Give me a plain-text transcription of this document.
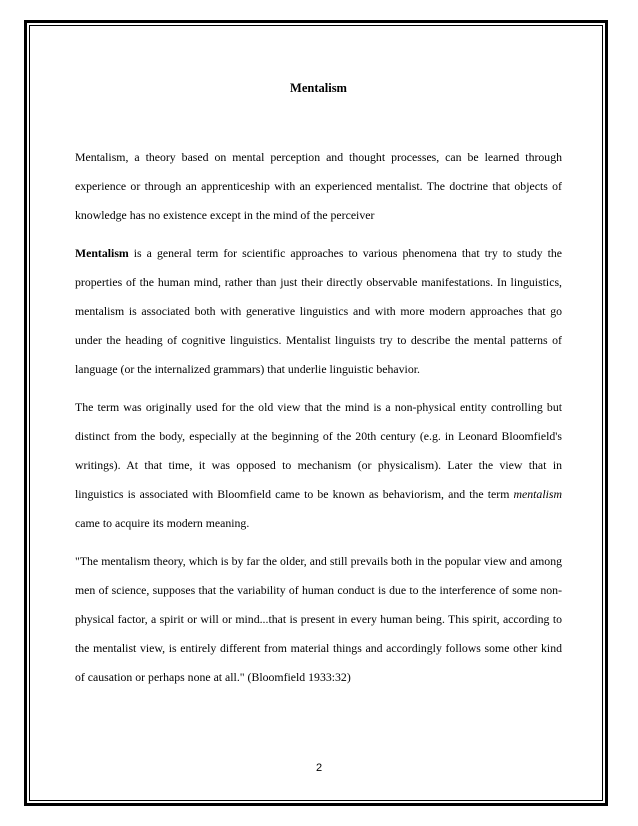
Mentalism

Mentalism, a theory based on mental perception and thought processes, can be learned through experience or through an apprenticeship with an experienced mentalist. The doctrine that objects of knowledge has no existence except in the mind of the perceiver

Mentalism is a general term for scientific approaches to various phenomena that try to study the properties of the human mind, rather than just their directly observable manifestations. In linguistics, mentalism is associated both with generative linguistics and with more modern approaches that go under the heading of cognitive linguistics. Mentalist linguists try to describe the mental patterns of language (or the internalized grammars) that underlie linguistic behavior.

The term was originally used for the old view that the mind is a non-physical entity controlling but distinct from the body, especially at the beginning of the 20th century (e.g. in Leonard Bloomfield's writings). At that time, it was opposed to mechanism (or physicalism). Later the view that in linguistics is associated with Bloomfield came to be known as behaviorism, and the term mentalism came to acquire its modern meaning.

"The mentalism theory, which is by far the older, and still prevails both in the popular view and among men of science, supposes that the variability of human conduct is due to the interference of some non-physical factor, a spirit or will or mind...that is present in every human being. This spirit, according to the mentalist view, is entirely different from material things and accordingly follows some other kind of causation or perhaps none at all." (Bloomfield 1933:32)

2
